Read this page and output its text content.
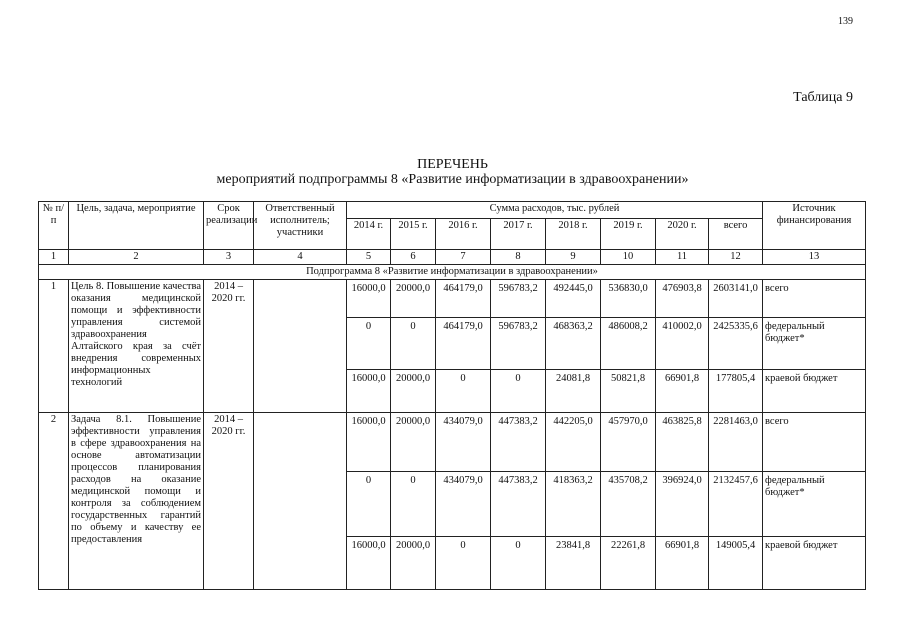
139
Таблица 9
ПЕРЕЧЕНЬ
мероприятий подпрограммы 8 «Развитие информатизации в здравоохранении»
№ п/п	Цель, задача, мероприятие	Срок реализации	Ответственный исполнитель; участники	Сумма расходов, тыс. рублей								Источник финансирования
				2014 г.	2015 г.	2016 г.	2017 г.	2018 г.	2019 г.	2020 г.	всего	
1	2	3	4	5	6	7	8	9	10	11	12	13
Подпрограмма 8 «Развитие информатизации в здравоохранении»												
1	Цель 8. Повышение качества оказания медицинской помощи и эффективности управления системой здравоохранения Алтайского края за счёт внедрения современных информационных технологий	2014 – 2020 гг.		16000,0	20000,0	464179,0	596783,2	492445,0	536830,0	476903,8	2603141,0	всего
				0	0	464179,0	596783,2	468363,2	486008,2	410002,0	2425335,6	федеральный бюджет*
				16000,0	20000,0	0	0	24081,8	50821,8	66901,8	177805,4	краевой бюджет
2	Задача 8.1. Повышение эффективности управления в сфере здравоохранения на основе автоматизации процессов планирования расходов на оказание медицинской помощи и контроля за соблюдением государственных гарантий по объему и качеству ее предоставления	2014 – 2020 гг.		16000,0	20000,0	434079,0	447383,2	442205,0	457970,0	463825,8	2281463,0	всего
				0	0	434079,0	447383,2	418363,2	435708,2	396924,0	2132457,6	федеральный бюджет*
				16000,0	20000,0	0	0	23841,8	22261,8	66901,8	149005,4	краевой бюджет
